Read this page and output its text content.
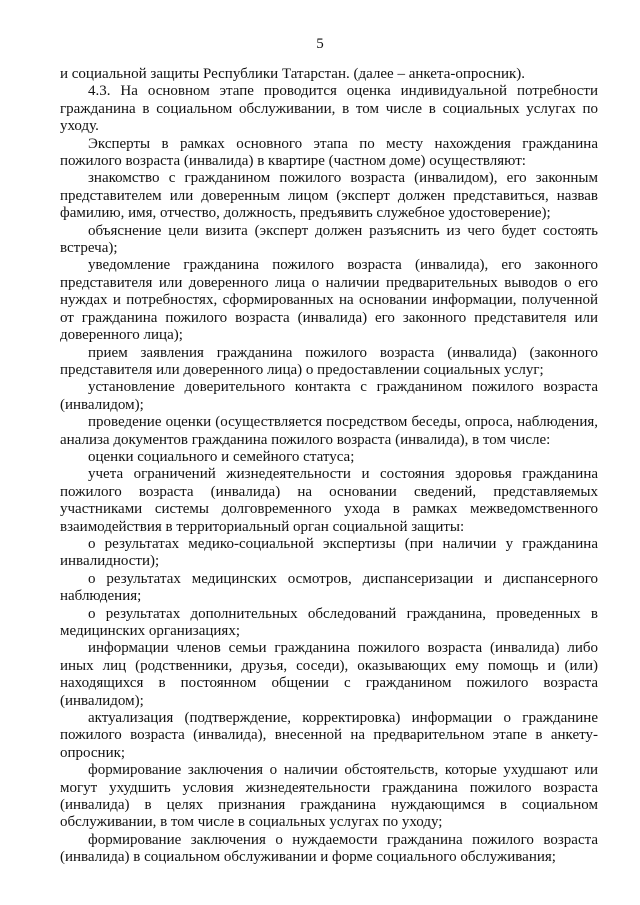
5

и социальной защиты Республики Татарстан. (далее – анкета-опросник).

4.3. На основном этапе проводится оценка индивидуальной потребности гражданина в социальном обслуживании, в том числе в социальных услугах по уходу.

Эксперты в рамках основного этапа по месту нахождения гражданина пожилого возраста (инвалида) в квартире (частном доме) осуществляют:

знакомство с гражданином пожилого возраста (инвалидом), его законным представителем или доверенным лицом (эксперт должен представиться, назвав фамилию, имя, отчество, должность, предъявить служебное удостоверение);

объяснение цели визита (эксперт должен разъяснить из чего будет состоять встреча);

уведомление гражданина пожилого возраста (инвалида), его законного представителя или доверенного лица о наличии предварительных выводов о его нуждах и потребностях, сформированных на основании информации, полученной от гражданина пожилого возраста (инвалида) его законного представителя или доверенного лица);

прием заявления гражданина пожилого возраста (инвалида) (законного представителя или доверенного лица) о предоставлении социальных услуг;

установление доверительного контакта с гражданином пожилого возраста (инвалидом);

проведение оценки (осуществляется посредством беседы, опроса, наблюдения, анализа документов гражданина пожилого возраста (инвалида), в том числе:

оценки социального и семейного статуса;

учета ограничений жизнедеятельности и состояния здоровья гражданина пожилого возраста (инвалида) на основании сведений, представляемых участниками системы долговременного ухода в рамках межведомственного взаимодействия в территориальный орган социальной защиты:

о результатах медико-социальной экспертизы (при наличии у гражданина инвалидности);

о результатах медицинских осмотров, диспансеризации и диспансерного наблюдения;

о результатах дополнительных обследований гражданина, проведенных в медицинских организациях;

информации членов семьи гражданина пожилого возраста (инвалида) либо иных лиц (родственники, друзья, соседи), оказывающих ему помощь и (или) находящихся в постоянном общении с гражданином пожилого возраста (инвалидом);

актуализация (подтверждение, корректировка) информации о гражданине пожилого возраста (инвалида), внесенной на предварительном этапе в анкету-опросник;

формирование заключения о наличии обстоятельств, которые ухудшают или могут ухудшить условия жизнедеятельности гражданина пожилого возраста (инвалида) в целях признания гражданина нуждающимся в социальном обслуживании, в том числе в социальных услугах по уходу;

формирование заключения о нуждаемости гражданина пожилого возраста (инвалида) в социальном обслуживании и форме социального обслуживания;
